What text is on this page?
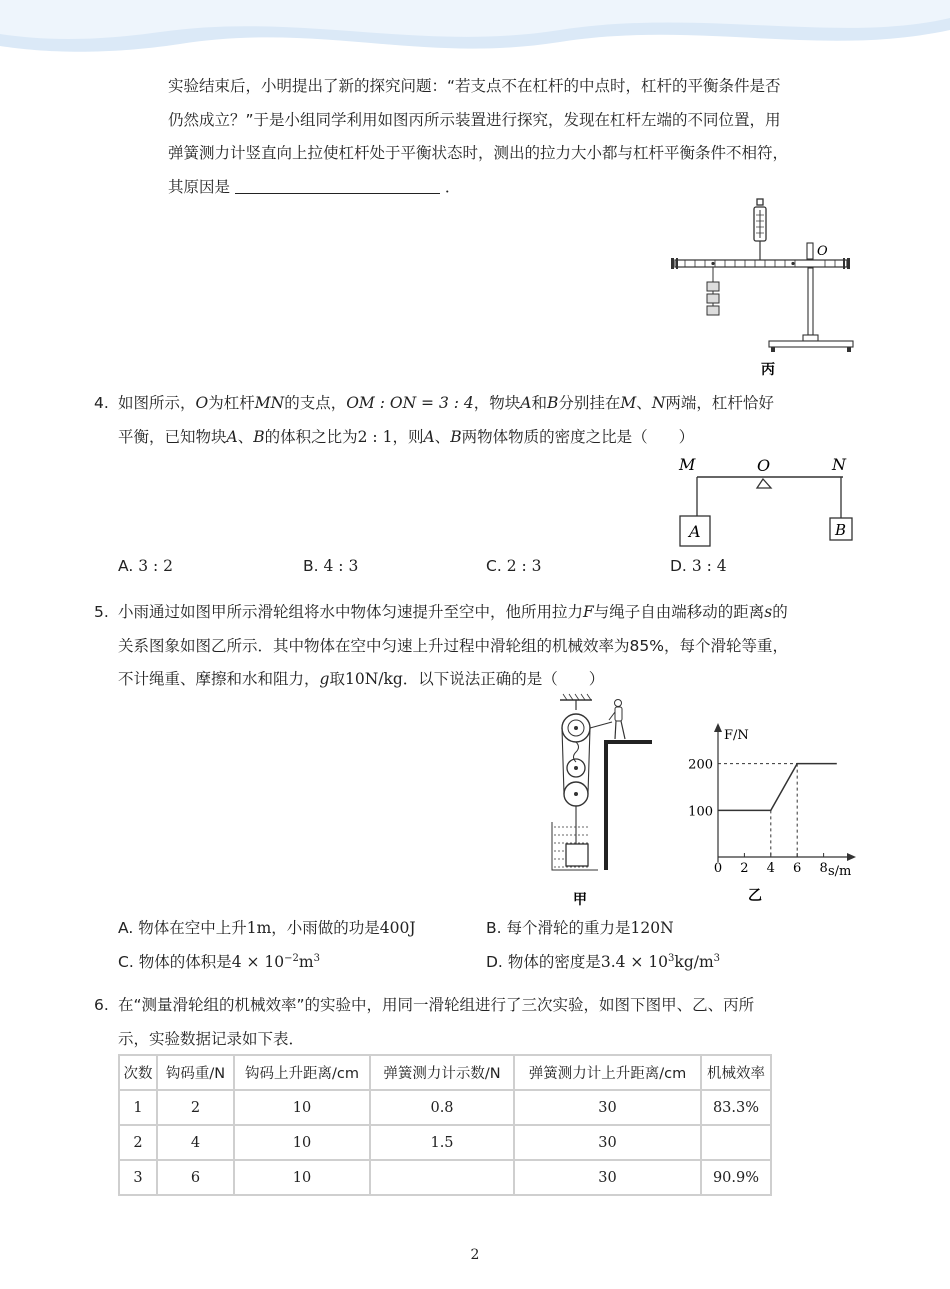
实验结束后，小明提出了新的探究问题：“若支点不在杠杆的中点时，杠杆的平衡条件是否
仍然成立？”于是小组同学利用如图丙所示装置进行探究，发现在杠杆左端的不同位置，用
弹簧测力计竖直向上拉使杠杆处于平衡状态时，测出的拉力大小都与杠杆平衡条件不相符，
其原因是	．
O
丙
4. 如图所示，O为杠杆MN的支点，OM : ON = 3 : 4，物块A和B分别挂在M、N两端，杠杆恰好
平衡，已知物块A、B的体积之比为2 : 1，则A、B两物体物质的密度之比是（　　）
M	O	N
A	B
A. 3 : 2	B. 4 : 3	C. 2 : 3	D. 3 : 4
5. 小雨通过如图甲所示滑轮组将水中物体匀速提升至空中，他所用拉力F与绳子自由端移动的距离s的
关系图象如图乙所示．其中物体在空中匀速上升过程中滑轮组的机械效率为85%，每个滑轮等重，
不计绳重、摩擦和水和阻力，g取10N/kg．以下说法正确的是（　　）
甲
F/N
s/m
0 2 4 6 8
100
200
乙
A. 物体在空中上升1m，小雨做的功是400J	B. 每个滑轮的重力是120N
C. 物体的体积是$4 \times 10^{-2}m^3$	D. 物体的密度是$3.4 \times 10^3kg/m^3$
6. 在“测量滑轮组的机械效率”的实验中，用同一滑轮组进行了三次实验，如图下图甲、乙、丙所
示，实验数据记录如下表．
次数	钩码重/N	钩码上升距离/cm	弹簧测力计示数/N	弹簧测力计上升距离/cm	机械效率
1	2	10	0.8	30	83.3%
2	4	10	1.5	30	
3	6	10		30	90.9%
2
